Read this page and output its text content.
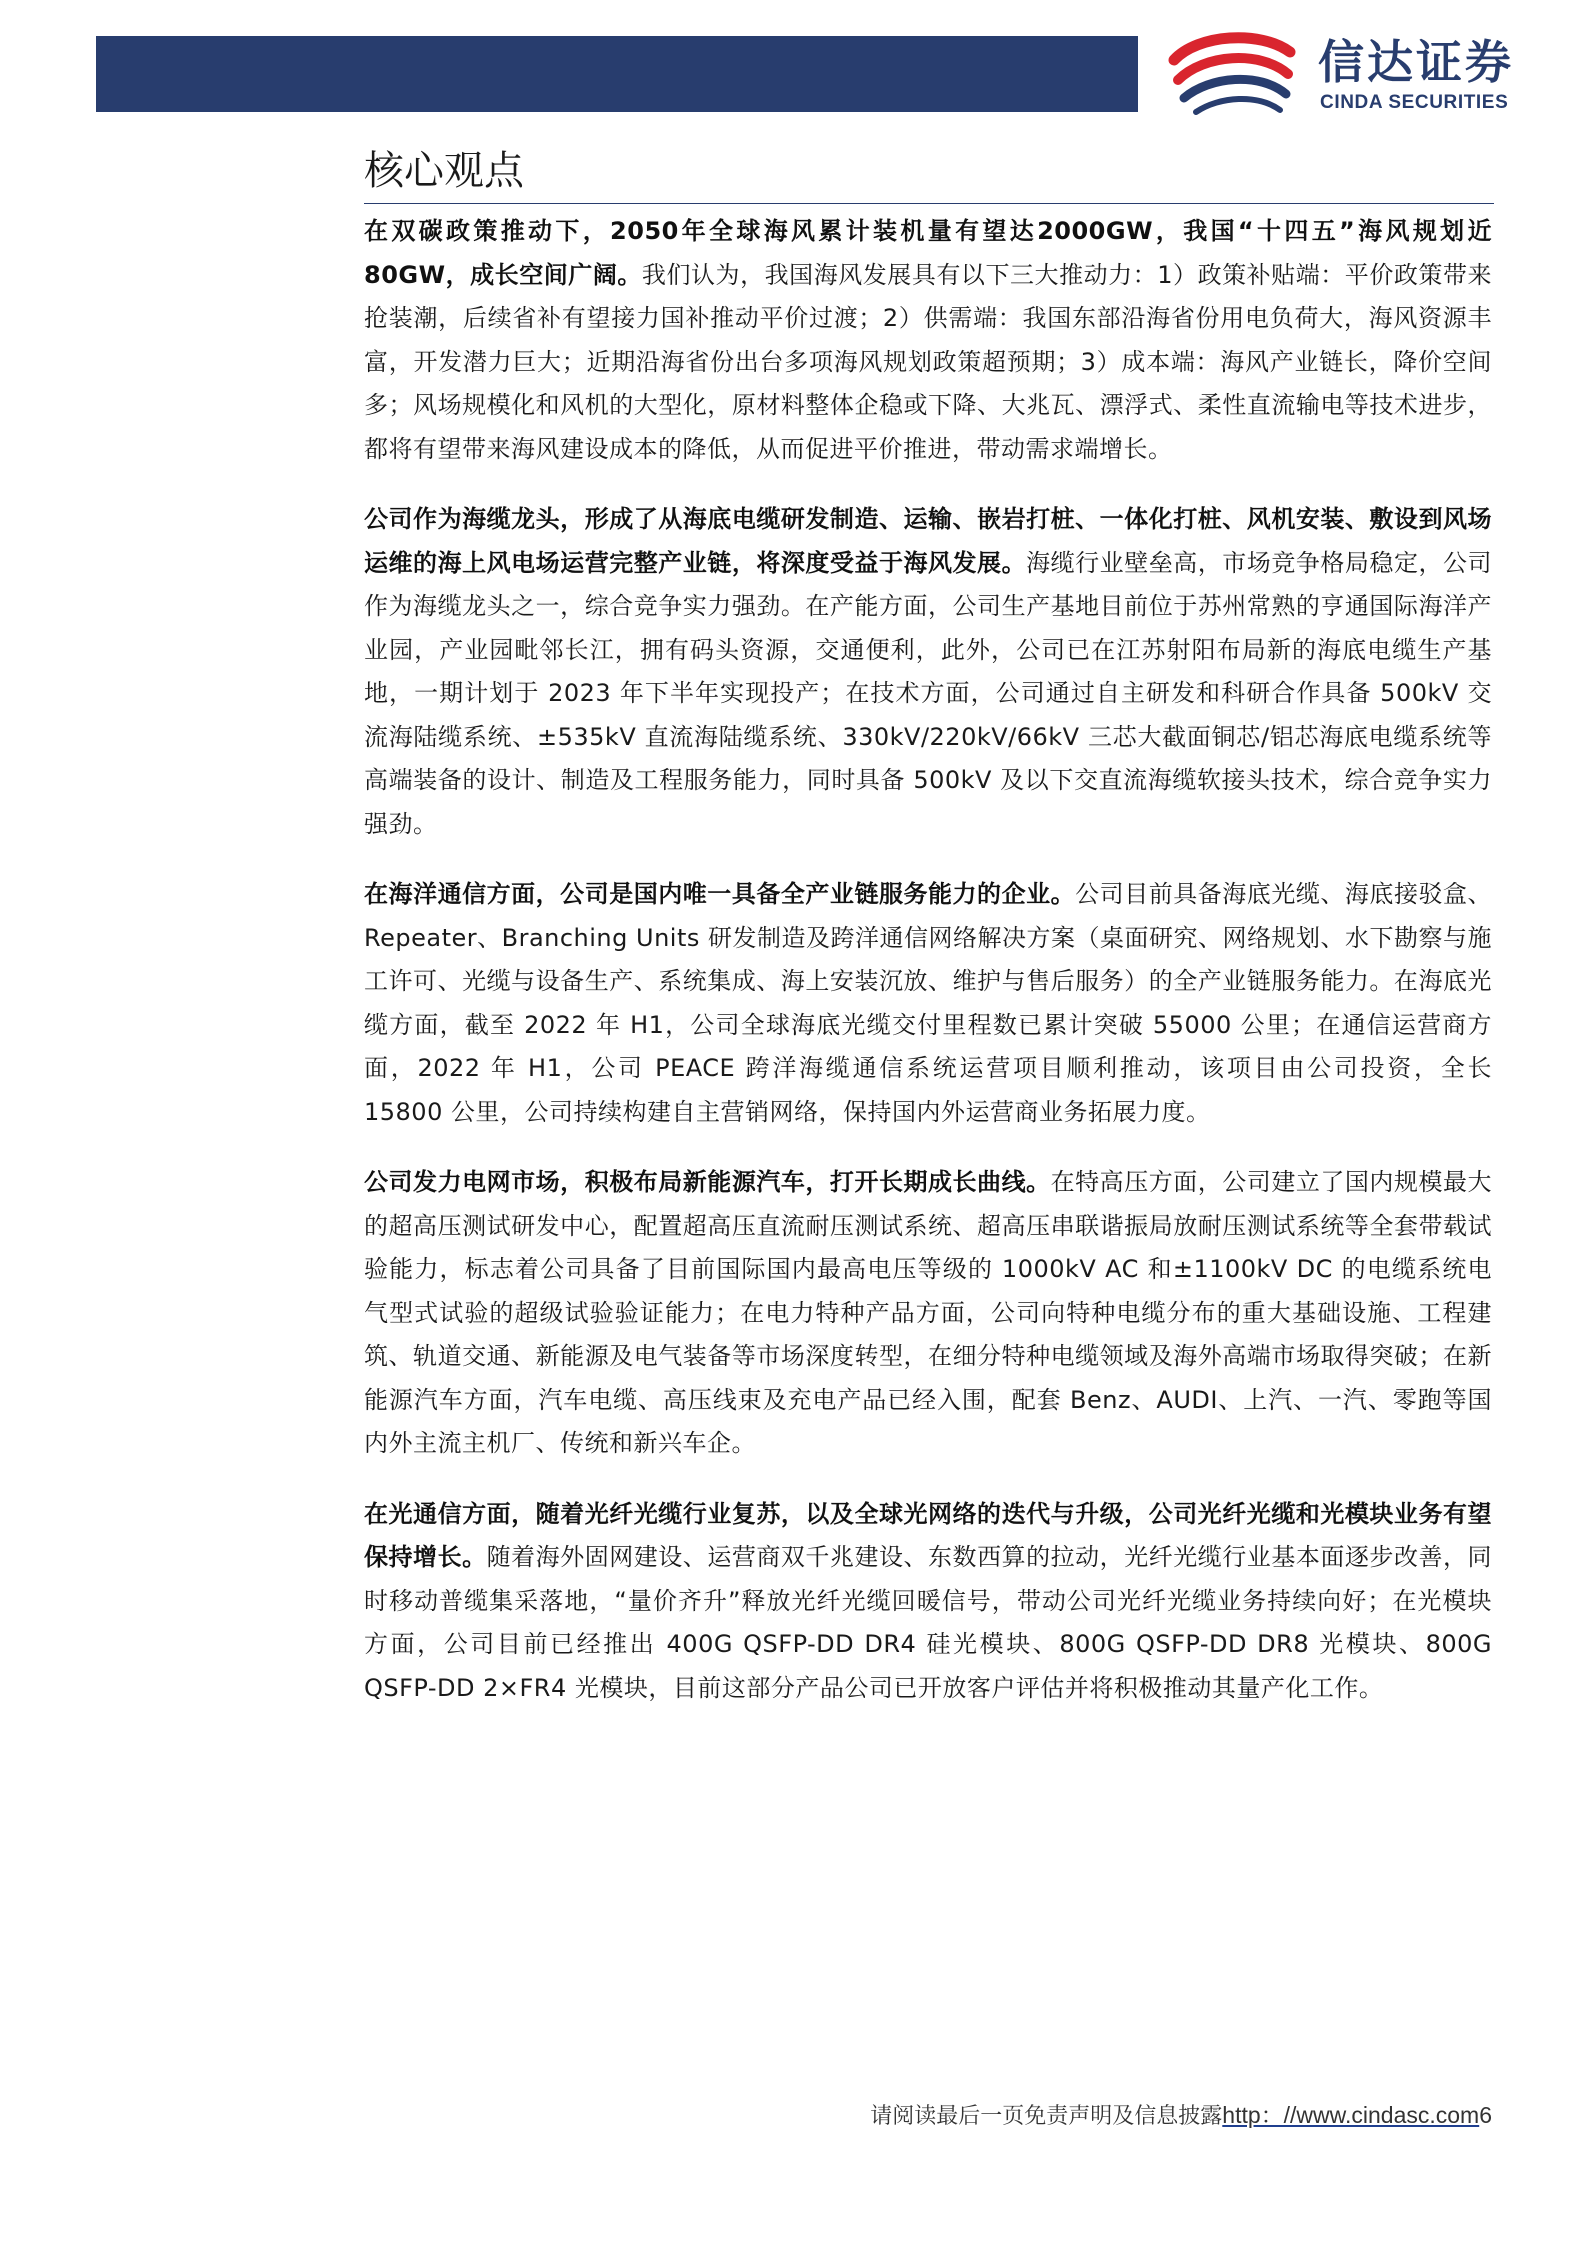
信达证券
CINDA SECURITIES
核心观点

在双碳政策推动下，2050年全球海风累计装机量有望达2000GW，我国“十四五”海风规划近80GW，成长空间广阔。我们认为，我国海风发展具有以下三大推动力：1）政策补贴端：平价政策带来抢装潮，后续省补有望接力国补推动平价过渡；2）供需端：我国东部沿海省份用电负荷大，海风资源丰富，开发潜力巨大；近期沿海省份出台多项海风规划政策超预期；3）成本端：海风产业链长，降价空间多；风场规模化和风机的大型化，原材料整体企稳或下降、大兆瓦、漂浮式、柔性直流输电等技术进步，都将有望带来海风建设成本的降低，从而促进平价推进，带动需求端增长。

公司作为海缆龙头，形成了从海底电缆研发制造、运输、嵌岩打桩、一体化打桩、风机安装、敷设到风场运维的海上风电场运营完整产业链，将深度受益于海风发展。海缆行业壁垒高，市场竞争格局稳定，公司作为海缆龙头之一，综合竞争实力强劲。在产能方面，公司生产基地目前位于苏州常熟的亨通国际海洋产业园，产业园毗邻长江，拥有码头资源，交通便利，此外，公司已在江苏射阳布局新的海底电缆生产基地，一期计划于 2023 年下半年实现投产；在技术方面，公司通过自主研发和科研合作具备 500kV 交流海陆缆系统、±535kV 直流海陆缆系统、330kV/220kV/66kV 三芯大截面铜芯/铝芯海底电缆系统等高端装备的设计、制造及工程服务能力，同时具备 500kV 及以下交直流海缆软接头技术，综合竞争实力强劲。

在海洋通信方面，公司是国内唯一具备全产业链服务能力的企业。公司目前具备海底光缆、海底接驳盒、Repeater、Branching Units 研发制造及跨洋通信网络解决方案（桌面研究、网络规划、水下勘察与施工许可、光缆与设备生产、系统集成、海上安装沉放、维护与售后服务）的全产业链服务能力。在海底光缆方面，截至 2022 年 H1，公司全球海底光缆交付里程数已累计突破 55000 公里；在通信运营商方面，2022 年 H1，公司 PEACE 跨洋海缆通信系统运营项目顺利推动，该项目由公司投资，全长 15800 公里，公司持续构建自主营销网络，保持国内外运营商业务拓展力度。

公司发力电网市场，积极布局新能源汽车，打开长期成长曲线。在特高压方面，公司建立了国内规模最大的超高压测试研发中心，配置超高压直流耐压测试系统、超高压串联谐振局放耐压测试系统等全套带载试验能力，标志着公司具备了目前国际国内最高电压等级的 1000kV AC 和±1100kV DC 的电缆系统电气型式试验的超级试验验证能力；在电力特种产品方面，公司向特种电缆分布的重大基础设施、工程建筑、轨道交通、新能源及电气装备等市场深度转型，在细分特种电缆领域及海外高端市场取得突破；在新能源汽车方面，汽车电缆、高压线束及充电产品已经入围，配套 Benz、AUDI、上汽、一汽、零跑等国内外主流主机厂、传统和新兴车企。

在光通信方面，随着光纤光缆行业复苏，以及全球光网络的迭代与升级，公司光纤光缆和光模块业务有望保持增长。随着海外固网建设、运营商双千兆建设、东数西算的拉动，光纤光缆行业基本面逐步改善，同时移动普缆集采落地，“量价齐升”释放光纤光缆回暖信号，带动公司光纤光缆业务持续向好；在光模块方面，公司目前已经推出 400G QSFP-DD DR4 硅光模块、800G QSFP-DD DR8 光模块、800G QSFP-DD 2×FR4 光模块，目前这部分产品公司已开放客户评估并将积极推动其量产化工作。

请阅读最后一页免责声明及信息披露http：//www.cindasc.com6
